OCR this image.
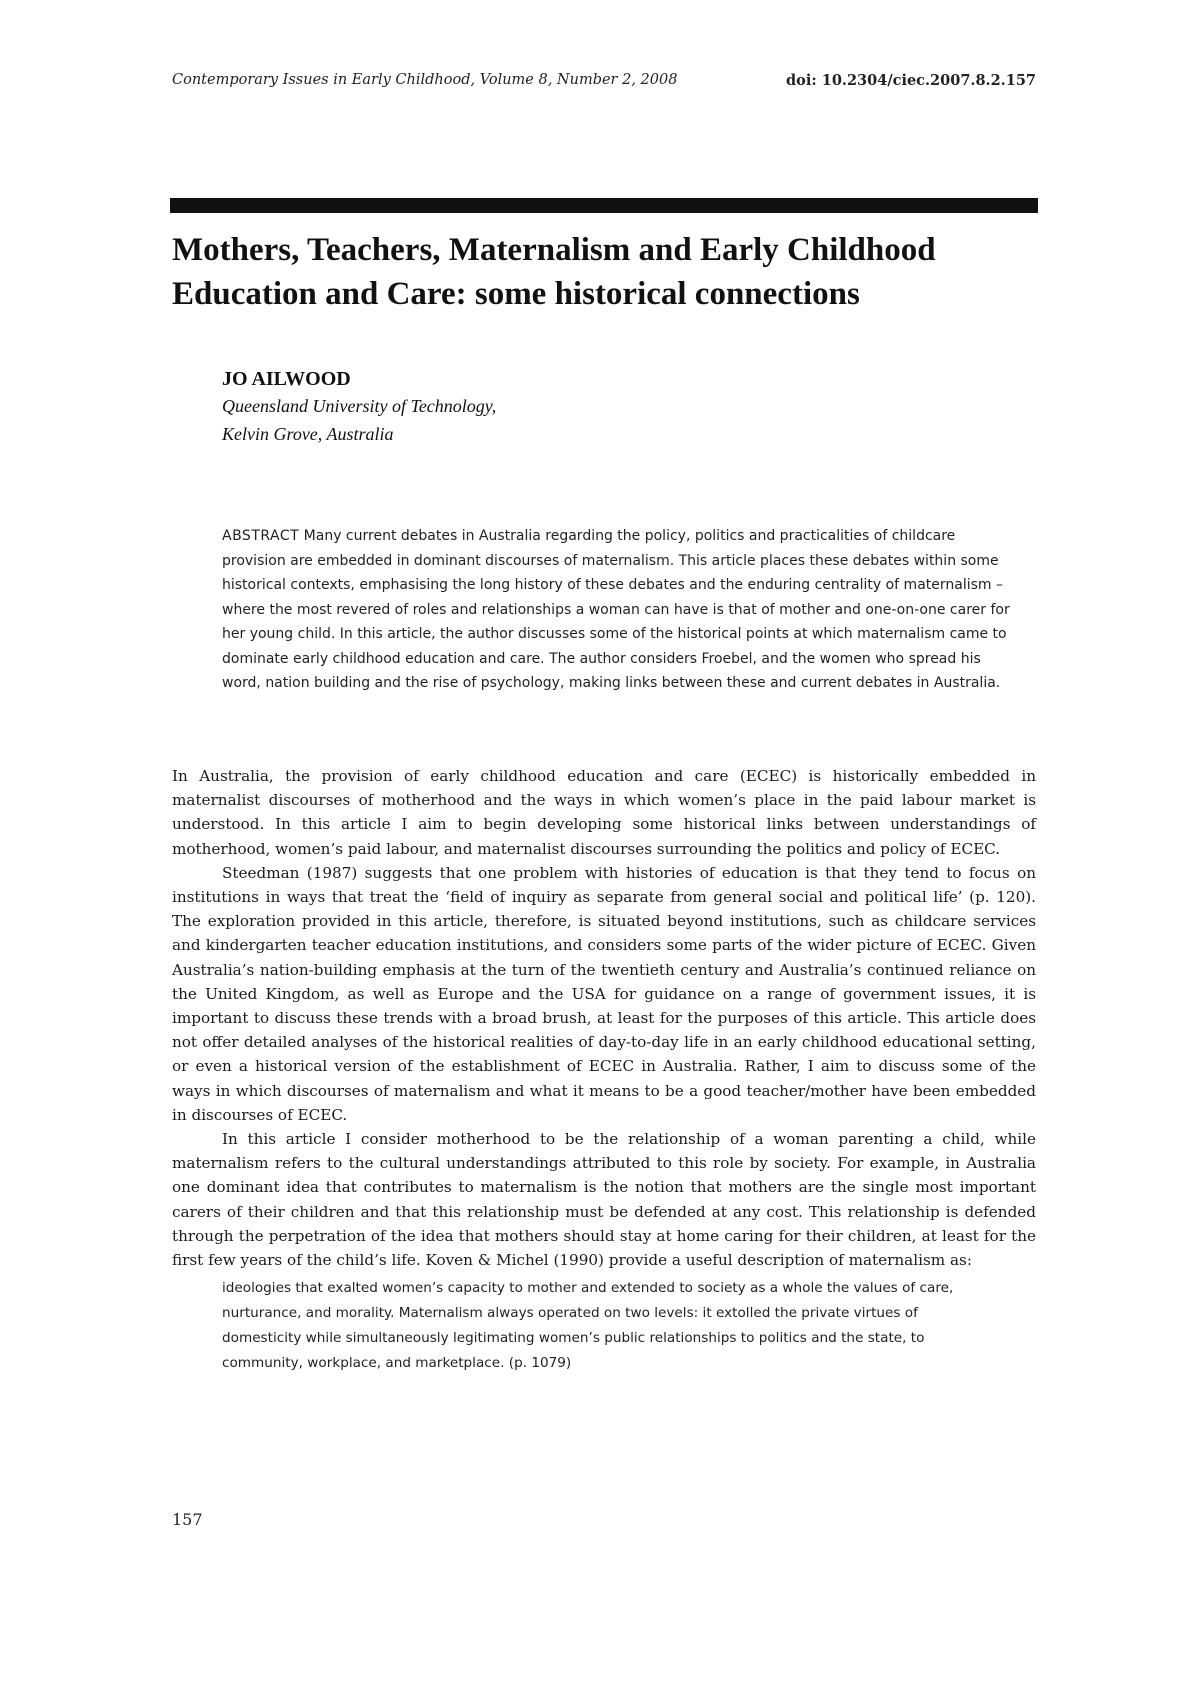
Contemporary Issues in Early Childhood, Volume 8, Number 2, 2008	doi: 10.2304/ciec.2007.8.2.157
Mothers, Teachers, Maternalism and Early Childhood Education and Care: some historical connections

JO AILWOOD

Queensland University of Technology,

Kelvin Grove, Australia

ABSTRACT Many current debates in Australia regarding the policy, politics and practicalities of childcare provision are embedded in dominant discourses of maternalism. This article places these debates within some historical contexts, emphasising the long history of these debates and the enduring centrality of maternalism – where the most revered of roles and relationships a woman can have is that of mother and one-on-one carer for her young child. In this article, the author discusses some of the historical points at which maternalism came to dominate early childhood education and care. The author considers Froebel, and the women who spread his word, nation building and the rise of psychology, making links between these and current debates in Australia.

In Australia, the provision of early childhood education and care (ECEC) is historically embedded in maternalist discourses of motherhood and the ways in which women’s place in the paid labour market is understood. In this article I aim to begin developing some historical links between understandings of motherhood, women’s paid labour, and maternalist discourses surrounding the politics and policy of ECEC.

Steedman (1987) suggests that one problem with histories of education is that they tend to focus on institutions in ways that treat the ‘field of inquiry as separate from general social and political life’ (p. 120). The exploration provided in this article, therefore, is situated beyond institutions, such as childcare services and kindergarten teacher education institutions, and considers some parts of the wider picture of ECEC. Given Australia’s nation-building emphasis at the turn of the twentieth century and Australia’s continued reliance on the United Kingdom, as well as Europe and the USA for guidance on a range of government issues, it is important to discuss these trends with a broad brush, at least for the purposes of this article. This article does not offer detailed analyses of the historical realities of day-to-day life in an early childhood educational setting, or even a historical version of the establishment of ECEC in Australia. Rather, I aim to discuss some of the ways in which discourses of maternalism and what it means to be a good teacher/mother have been embedded in discourses of ECEC.

In this article I consider motherhood to be the relationship of a woman parenting a child, while maternalism refers to the cultural understandings attributed to this role by society. For example, in Australia one dominant idea that contributes to maternalism is the notion that mothers are the single most important carers of their children and that this relationship must be defended at any cost. This relationship is defended through the perpetration of the idea that mothers should stay at home caring for their children, at least for the first few years of the child’s life. Koven & Michel (1990) provide a useful description of maternalism as:

ideologies that exalted women’s capacity to mother and extended to society as a whole the values of care, nurturance, and morality. Maternalism always operated on two levels: it extolled the private virtues of domesticity while simultaneously legitimating women’s public relationships to politics and the state, to community, workplace, and marketplace. (p. 1079)
157
